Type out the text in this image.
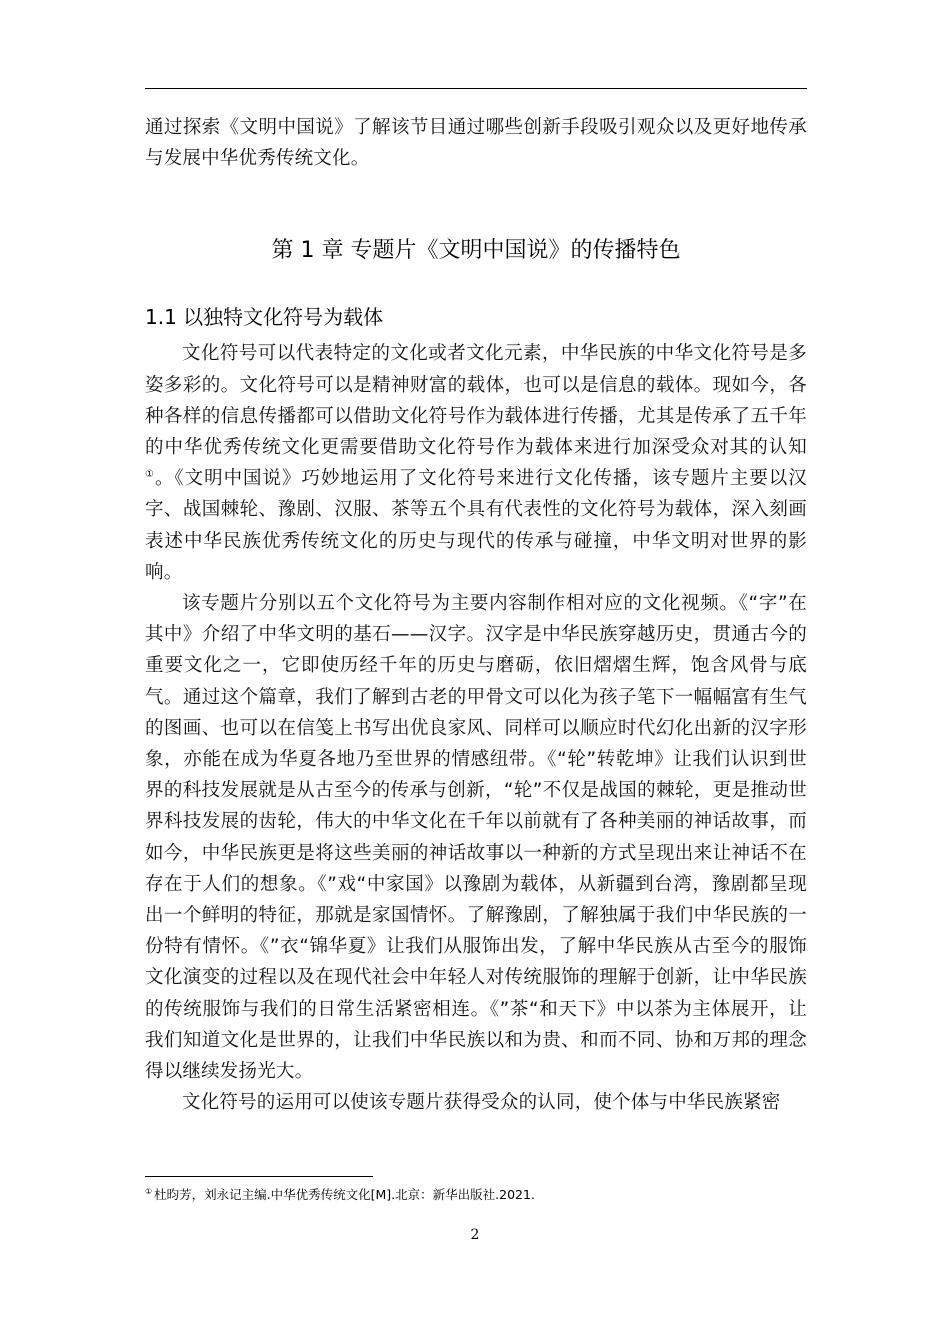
通过探索《文明中国说》了解该节目通过哪些创新手段吸引观众以及更好地传承与发展中华优秀传统文化。

第 1 章 专题片《文明中国说》的传播特色
1.1 以独特文化符号为载体

文化符号可以代表特定的文化或者文化元素，中华民族的中华文化符号是多姿多彩的。文化符号可以是精神财富的载体，也可以是信息的载体。现如今，各种各样的信息传播都可以借助文化符号作为载体进行传播，尤其是传承了五千年的中华优秀传统文化更需要借助文化符号作为载体来进行加深受众对其的认知①。《文明中国说》巧妙地运用了文化符号来进行文化传播，该专题片主要以汉字、战国棘轮、豫剧、汉服、茶等五个具有代表性的文化符号为载体，深入刻画表述中华民族优秀传统文化的历史与现代的传承与碰撞，中华文明对世界的影响。

该专题片分别以五个文化符号为主要内容制作相对应的文化视频。《“字”在其中》介绍了中华文明的基石——汉字。汉字是中华民族穿越历史，贯通古今的重要文化之一，它即使历经千年的历史与磨砺，依旧熠熠生辉，饱含风骨与底气。通过这个篇章，我们了解到古老的甲骨文可以化为孩子笔下一幅幅富有生气的图画、也可以在信笺上书写出优良家风、同样可以顺应时代幻化出新的汉字形象，亦能在成为华夏各地乃至世界的情感纽带。《“轮”转乾坤》让我们认识到世界的科技发展就是从古至今的传承与创新，“轮”不仅是战国的棘轮，更是推动世界科技发展的齿轮，伟大的中华文化在千年以前就有了各种美丽的神话故事，而如今，中华民族更是将这些美丽的神话故事以一种新的方式呈现出来让神话不在存在于人们的想象。《”戏“中家国》以豫剧为载体，从新疆到台湾，豫剧都呈现出一个鲜明的特征，那就是家国情怀。了解豫剧，了解独属于我们中华民族的一份特有情怀。《”衣“锦华夏》让我们从服饰出发，了解中华民族从古至今的服饰文化演变的过程以及在现代社会中年轻人对传统服饰的理解于创新，让中华民族的传统服饰与我们的日常生活紧密相连。《”茶“和天下》中以茶为主体展开，让我们知道文化是世界的，让我们中华民族以和为贵、和而不同、协和万邦的理念得以继续发扬光大。

文化符号的运用可以使该专题片获得受众的认同，使个体与中华民族紧密

① 杜昀芳，刘永记主编.中华优秀传统文化[M].北京：新华出版社.2021.
2
